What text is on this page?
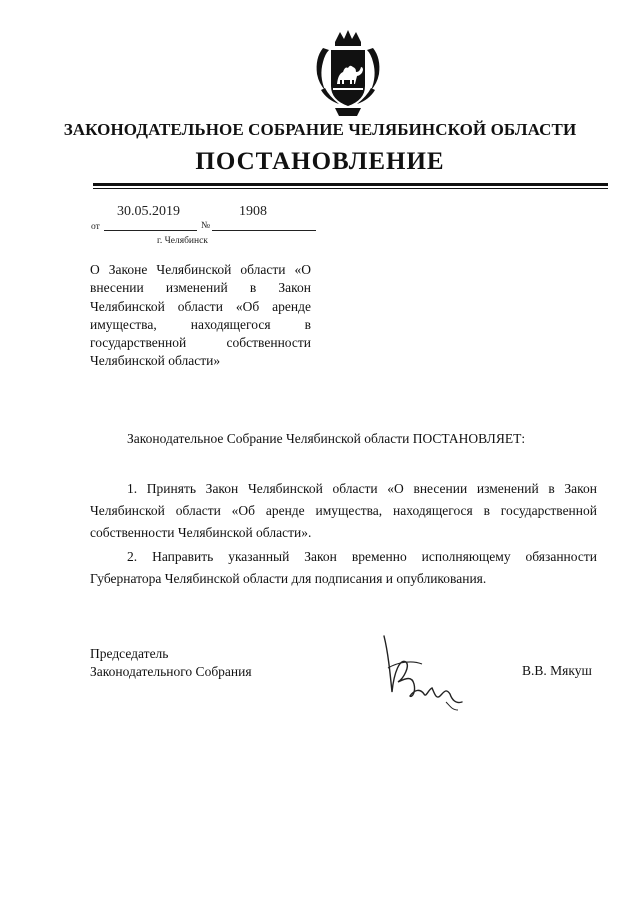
ЗАКОНОДАТЕЛЬНОЕ СОБРАНИЕ ЧЕЛЯБИНСКОЙ ОБЛАСТИ
ПОСТАНОВЛЕНИЕ
30.05.2019	1908
от	№
г. Челябинск
О Законе Челябинской области «О внесении изменений в Закон Челябинской области «Об аренде имущества, находящегося в государственной собственности Челябинской области»
Законодательное Собрание Челябинской области ПОСТАНОВЛЯЕТ:
1. Принять Закон Челябинской области «О внесении изменений в Закон Челябинской области «Об аренде имущества, находящегося в государственной собственности Челябинской области».
2. Направить указанный Закон временно исполняющему обязанности Губернатора Челябинской области для подписания и опубликования.
Председатель
Законодательного Собрания	В.В. Мякуш
